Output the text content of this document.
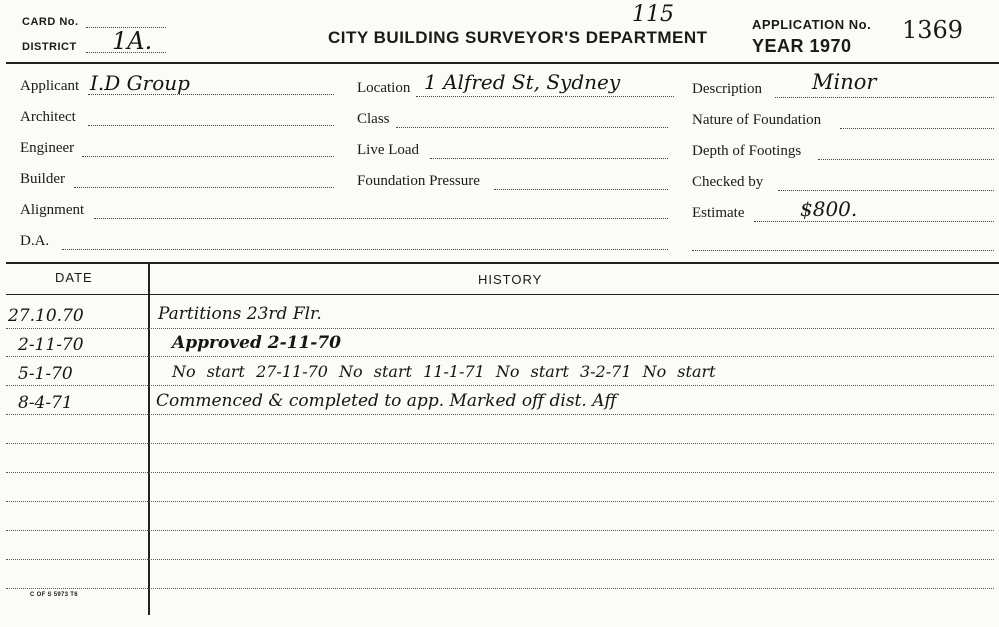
CARD No.
DISTRICT 1A.	CITY BUILDING SURVEYOR'S DEPARTMENT
115	APPLICATION No. 1369
YEAR 1970
Applicant I.D Group
Architect
Engineer
Builder
Alignment
D.A.
Location 1 Alfred St, Sydney
Class
Live Load
Foundation Pressure
Description Minor
Nature of Foundation
Depth of Footings
Checked by
Estimate	$800.
DATE	HISTORY
27.10.70	Partitions 23rd Flr.
2-11-70	Approved 2-11-70
5-1-70	No start 27-11-70 No start 11-1-71 No start 3-2-71 No start
8-4-71	Commenced & completed to app. Marked off dist. Aff
C OF S 5973 T6
